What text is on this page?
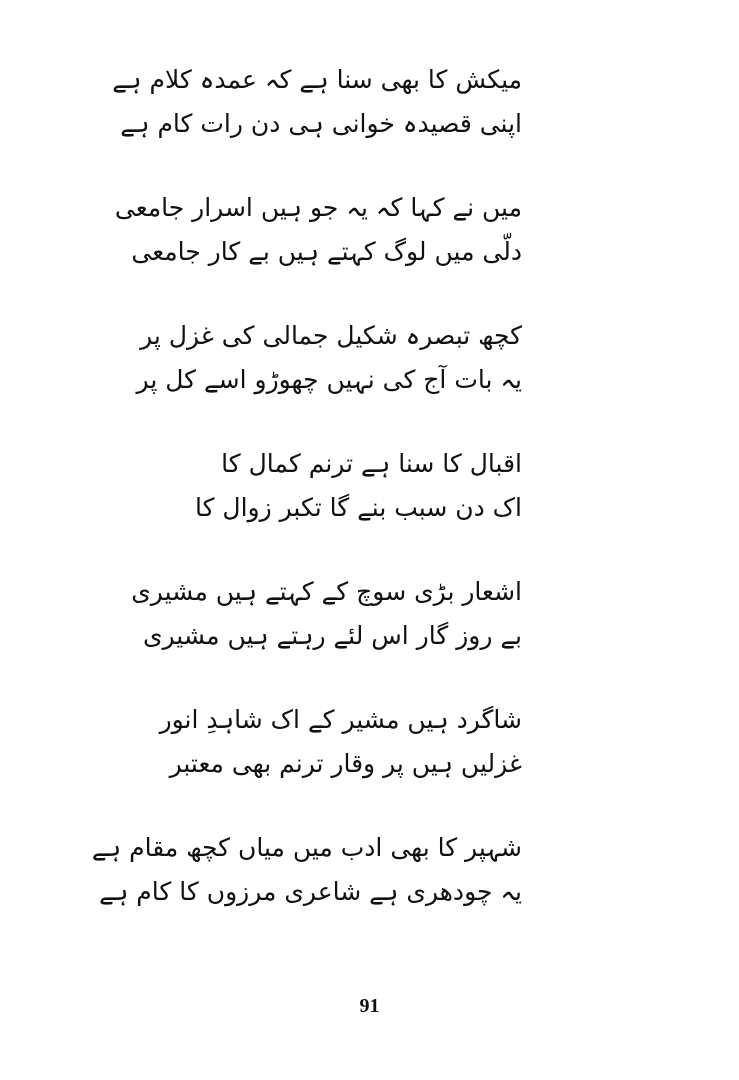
میکش کا بھی سنا ہے کہ عمدہ کلام ہے

اپنی قصیدہ خوانی ہی دن رات کام ہے

میں نے کہا کہ یہ جو ہیں اسرار جامعی

دلّی میں لوگ کہتے ہیں بے کار جامعی

کچھ تبصرہ شکیل جمالی کی غزل پر

یہ بات آج کی نہیں چھوڑو اسے کل پر

اقبال کا سنا ہے ترنم کمال کا

اک دن سبب بنے گا تکبر زوال کا

اشعار بڑی سوچ کے کہتے ہیں مشیری

بے روز گار اس لئے رہتے ہیں مشیری

شاگرد ہیں مشیر کے اک شاہدِ انور

غزلیں ہیں پر وقار ترنم بھی معتبر

شہپر کا بھی ادب میں میاں کچھ مقام ہے

یہ چودھری ہے شاعری مرزوں کا کام ہے

91
